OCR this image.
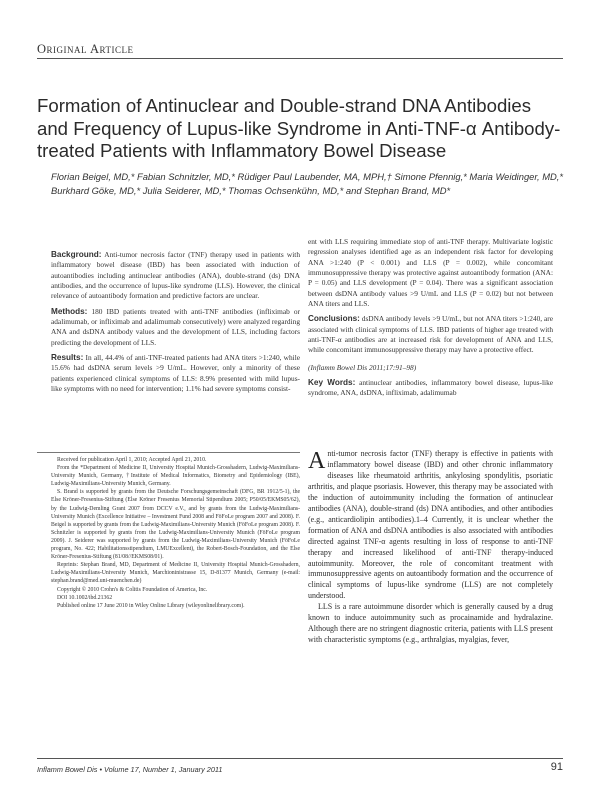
Original Article
Formation of Antinuclear and Double-strand DNA Antibodies and Frequency of Lupus-like Syndrome in Anti-TNF-α Antibody-treated Patients with Inflammatory Bowel Disease
Florian Beigel, MD,* Fabian Schnitzler, MD,* Rüdiger Paul Laubender, MA, MPH,† Simone Pfennig,* Maria Weidinger, MD,* Burkhard Göke, MD,* Julia Seiderer, MD,* Thomas Ochsenkühn, MD,* and Stephan Brand, MD*

Background: Anti-tumor necrosis factor (TNF) therapy used in patients with inflammatory bowel disease (IBD) has been associated with induction of autoantibodies including antinuclear antibodies (ANA), double-strand (ds) DNA antibodies, and the occurrence of lupus-like syndrome (LLS). However, the clinical relevance of autoantibody formation and predictive factors are unclear.

Methods: 180 IBD patients treated with anti-TNF antibodies (infliximab or adalimumab, or infliximab and adalimumab consecutively) were analyzed regarding ANA and dsDNA antibody values and the development of LLS, including factors predicting the development of LLS.

Results: In all, 44.4% of anti-TNF-treated patients had ANA titers >1:240, while 15.6% had dsDNA serum levels >9 U/mL. However, only a minority of these patients experienced clinical symptoms of LLS: 8.9% presented with mild lupus-like symptoms with no need for intervention; 1.1% had severe symptoms consist-

ent with LLS requiring immediate stop of anti-TNF therapy. Multivariate logistic regression analyses identified age as an independent risk factor for developing ANA >1:240 (P < 0.001) and LLS (P = 0.002), while concomitant immunosuppressive therapy was protective against autoantibody formation (ANA: P = 0.05) and LLS development (P = 0.04). There was a significant association between dsDNA antibody values >9 U/mL and LLS (P = 0.02) but not between ANA titers and LLS.

Conclusions: dsDNA antibody levels >9 U/mL, but not ANA titers >1:240, are associated with clinical symptoms of LLS. IBD patients of higher age treated with anti-TNF-α antibodies are at increased risk for development of ANA and LLS, while concomitant immunosuppressive therapy may have a protective effect.

(Inflamm Bowel Dis 2011;17:91–98)

Key Words: antinuclear antibodies, inflammatory bowel disease, lupus-like syndrome, ANA, dsDNA, infliximab, adalimumab

Received for publication April 1, 2010; Accepted April 21, 2010.

From the *Department of Medicine II, University Hospital Munich-Grosshadern, Ludwig-Maximilians-University Munich, Germany, †Institute of Medical Informatics, Biometry and Epidemiology (IBE), Ludwig-Maximilians-University Munich, Germany.

S. Brand is supported by grants from the Deutsche Forschungsgemeinschaft (DFG, BR 1912/5-1), the Else Kröner-Fresenius-Stiftung (Else Kröner Fresenius Memorial Stipendium 2005; P50/05/EKMS05/62), by the Ludwig-Demling Grant 2007 from DCCV e.V., and by grants from the Ludwig-Maximilians-University Munich (Excellence Initiative – Investment Fund 2008 and FöFoLe program 2007 and 2008). F. Beigel is supported by grants from the Ludwig-Maximilians-University Munich (FöFoLe program 2008). F. Schnitzler is supported by grants from the Ludwig-Maximilians-University Munich (FöFoLe program 2009). J. Seiderer was supported by grants from the Ludwig-Maximilians-University Munich (FöFoLe program, No. 422; Habilitationsstipendium, LMUExcellent), the Robert-Bosch-Foundation, and the Else Kröner-Fresenius-Stiftung (81/08//EKMS08/01).

Reprints: Stephan Brand, MD, Department of Medicine II, University Hospital Munich-Grosshadern, Ludwig-Maximilians-University Munich, Marchioninistrasse 15, D-81377 Munich, Germany (e-mail: stephan.brand@med.uni-muenchen.de)

Copyright © 2010 Crohn's & Colitis Foundation of America, Inc.

DOI 10.1002/ibd.21362

Published online 17 June 2010 in Wiley Online Library (wileyonlinelibrary.com).

Anti-tumor necrosis factor (TNF) therapy is effective in patients with inflammatory bowel disease (IBD) and other chronic inflammatory diseases like rheumatoid arthritis, ankylosing spondylitis, psoriatic arthritis, and plaque psoriasis. However, this therapy may be associated with the induction of autoimmunity including the formation of antinuclear antibodies (ANA), double-strand (ds) DNA antibodies, and other antibodies (e.g., anticardiolipin antibodies).1–4 Currently, it is unclear whether the formation of ANA and dsDNA antibodies is also associated with antibodies directed against TNF-α agents resulting in loss of response to anti-TNF therapy and increased likelihood of anti-TNF therapy-induced autoimmunity. Moreover, the role of concomitant treatment with immunosuppressive agents on autoantibody formation and the occurrence of clinical symptoms of lupus-like syndrome (LLS) are not completely understood.

LLS is a rare autoimmune disorder which is generally caused by a drug known to induce autoimmunity such as procainamide and hydralazine. Although there are no stringent diagnostic criteria, patients with LLS present with characteristic symptoms (e.g., arthralgias, myalgias, fever,

Inflamm Bowel Dis • Volume 17, Number 1, January 2011	91
